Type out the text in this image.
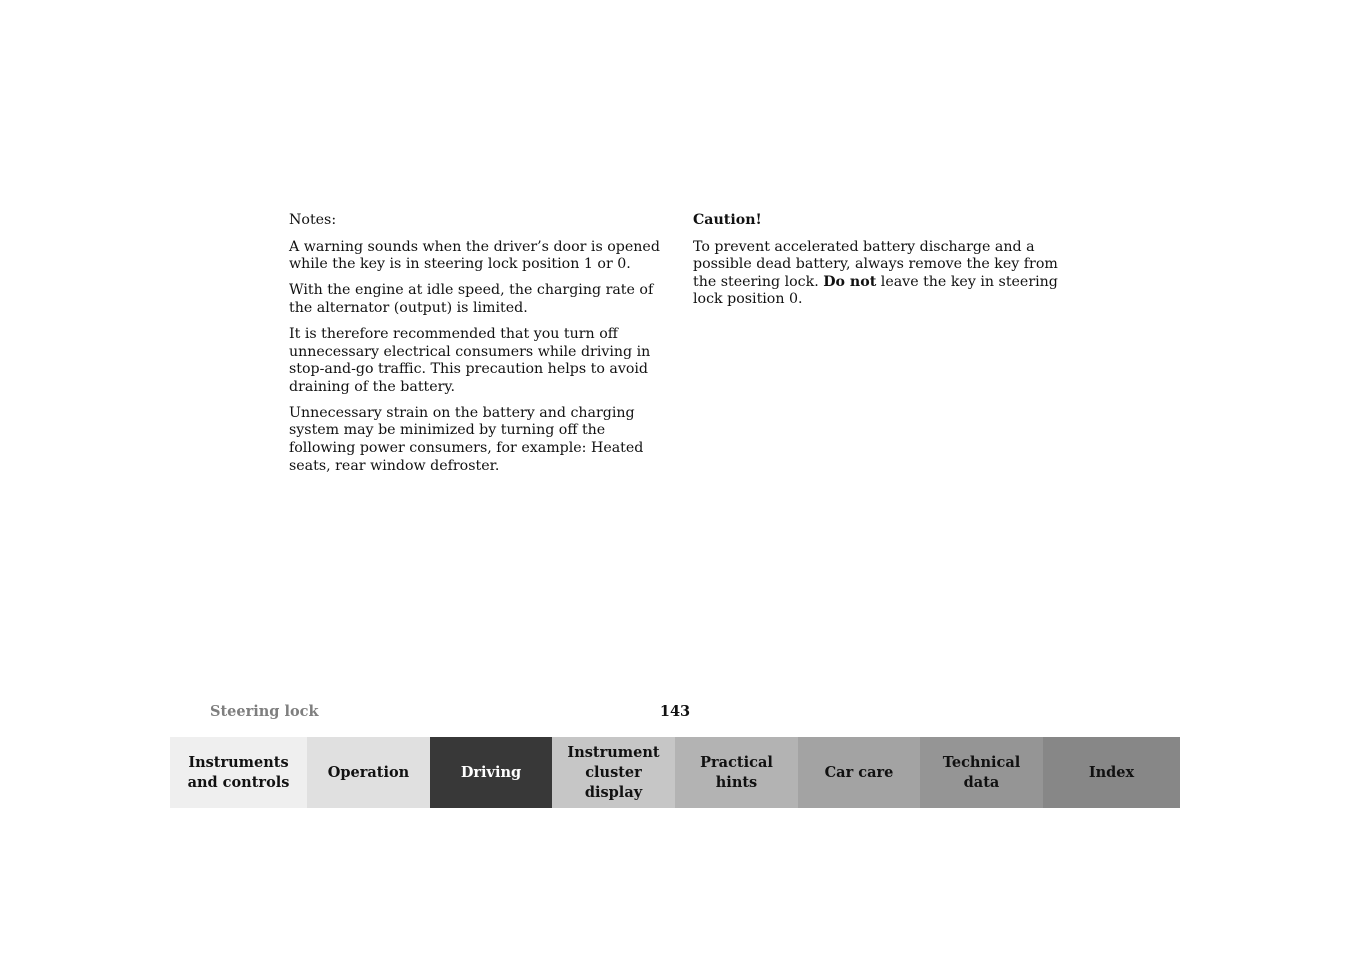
Notes:

A warning sounds when the driver’s door is opened while the key is in steering lock position 1 or 0.

With the engine at idle speed, the charging rate of the alternator (output) is limited.

It is therefore recommended that you turn off unnecessary electrical consumers while driving in stop-and-go traffic. This precaution helps to avoid draining of the battery.

Unnecessary strain on the battery and charging system may be minimized by turning off the following power consumers, for example: Heated seats, rear window defroster.

Caution!

To prevent accelerated battery discharge and a possible dead battery, always remove the key from the steering lock. Do not leave the key in steering lock position 0.

Steering lock	143
Instruments
and controls
Operation	Driving
Instrument
cluster display
Practical hints
Car care
Technical
data
Index
